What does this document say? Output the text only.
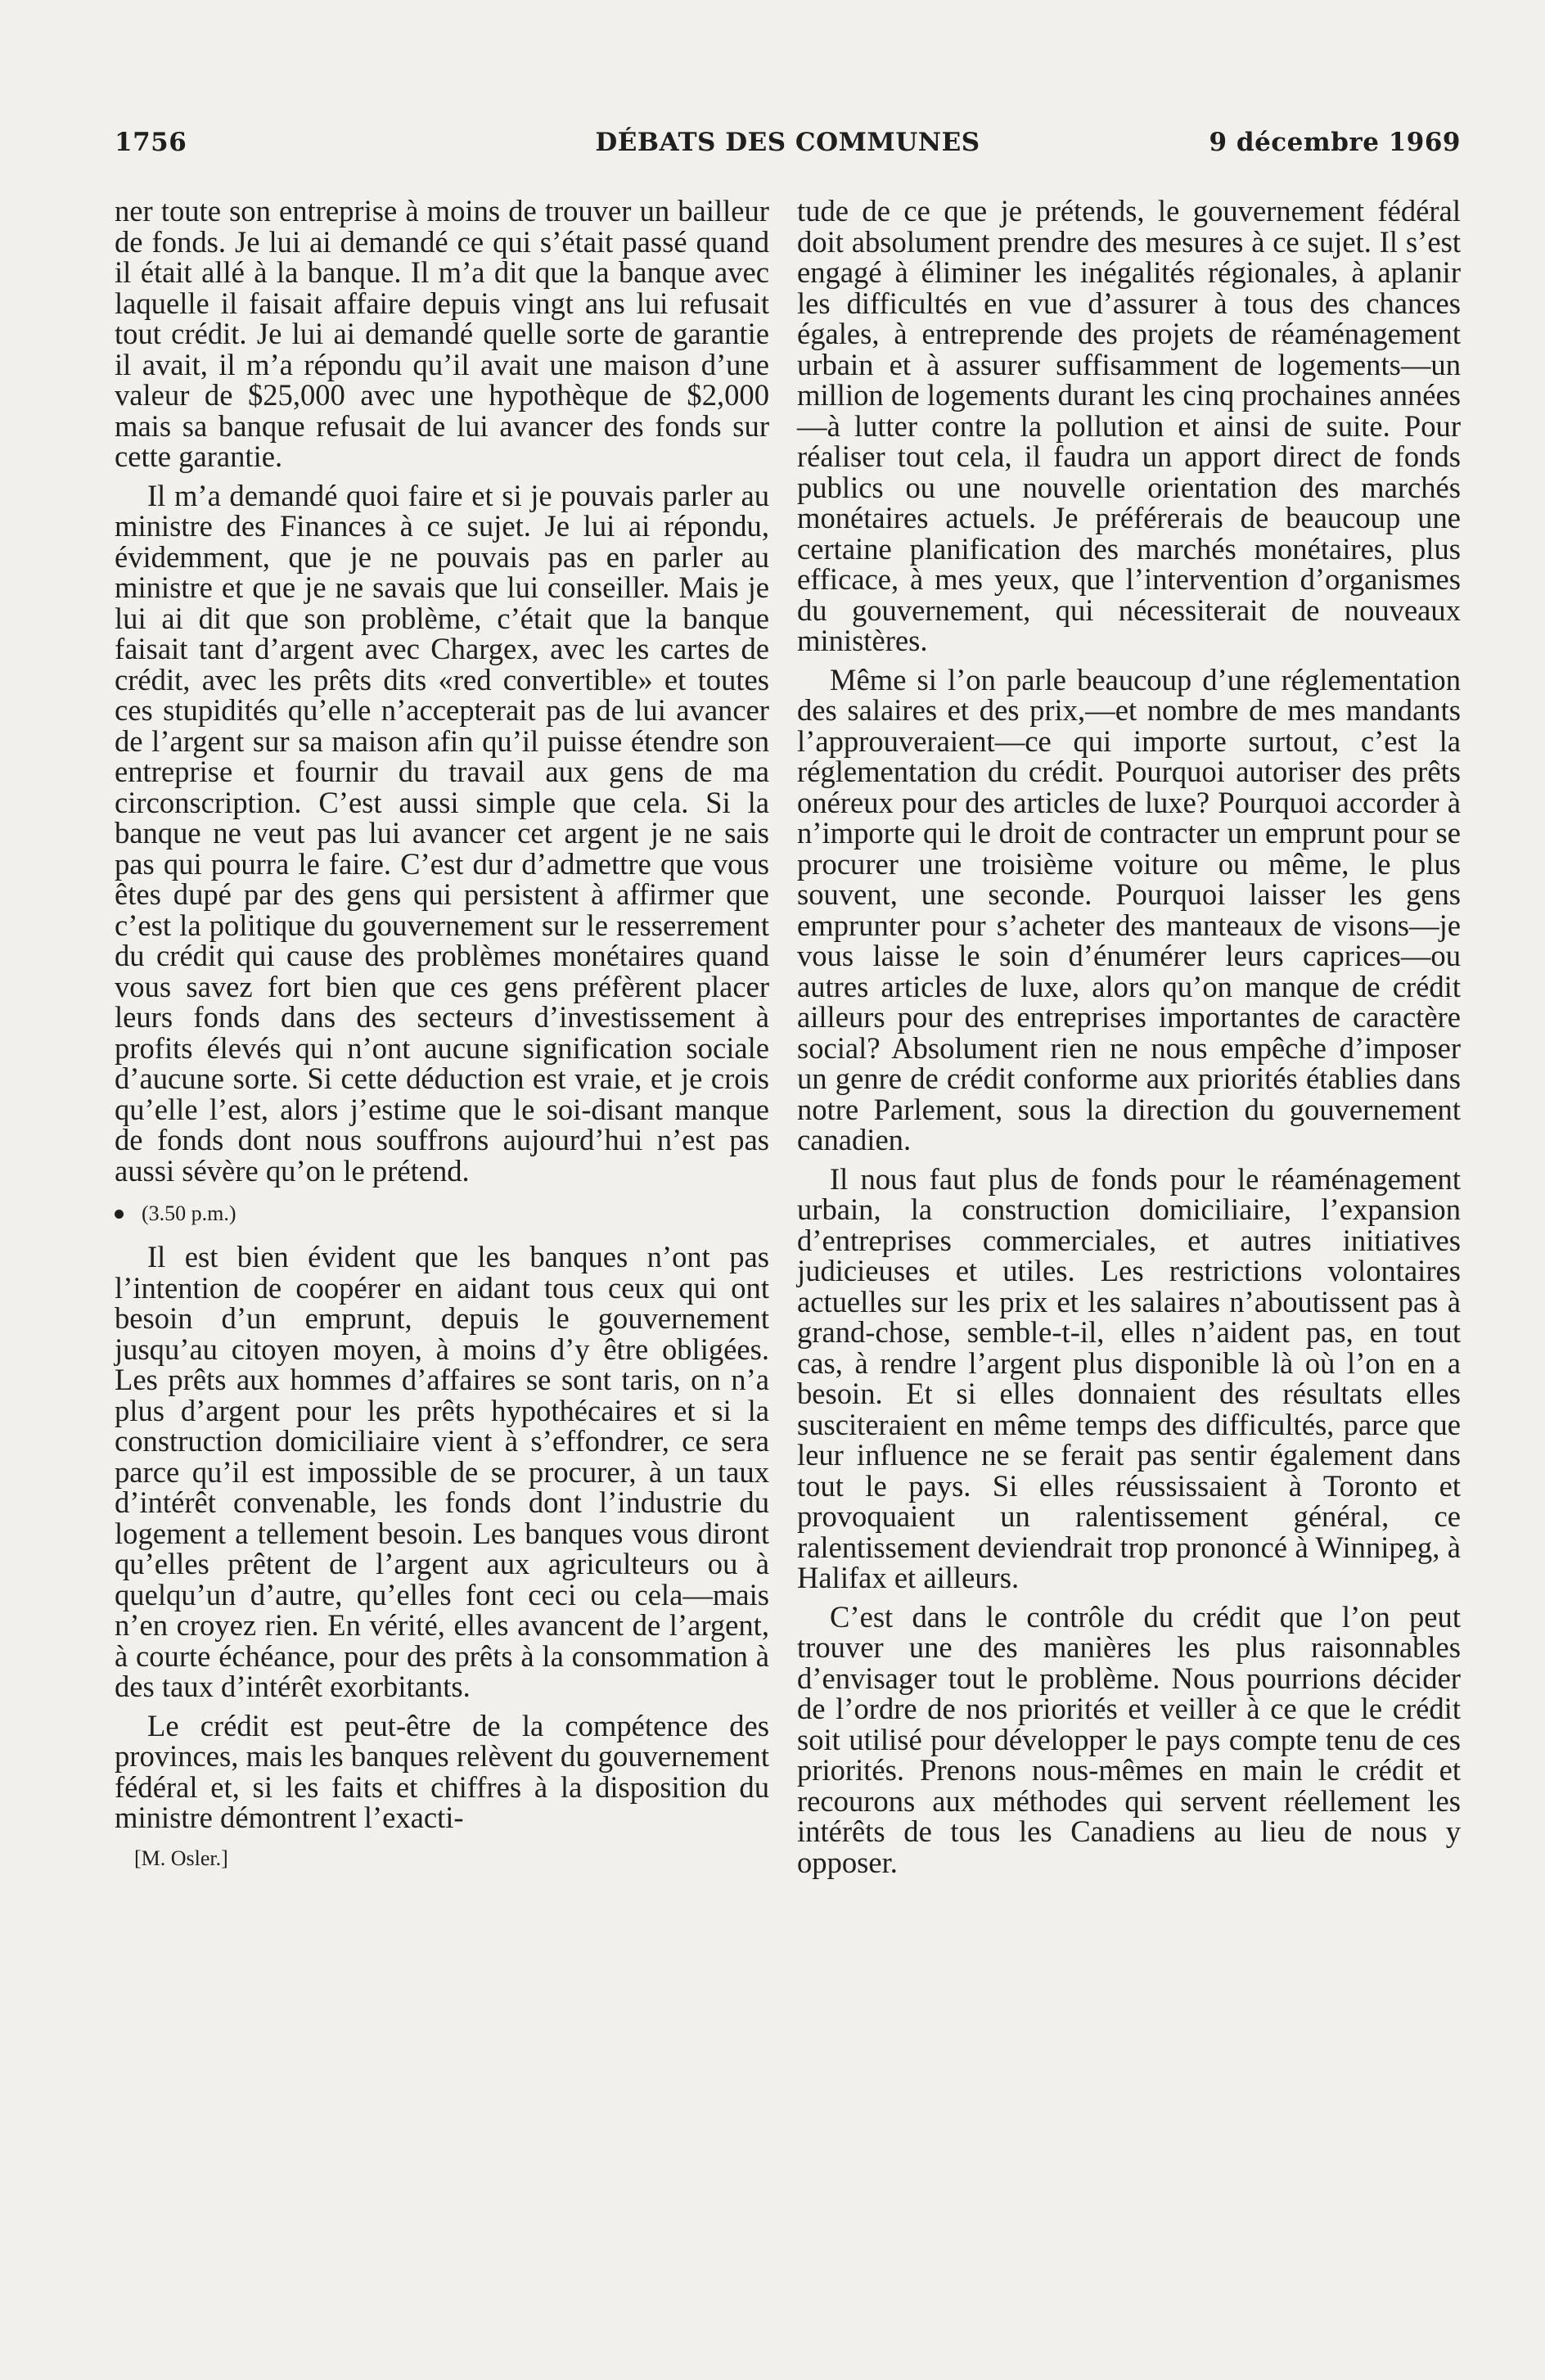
1756	DÉBATS DES COMMUNES	9 décembre 1969

ner toute son entreprise à moins de trouver un bailleur de fonds. Je lui ai demandé ce qui s’était passé quand il était allé à la banque. Il m’a dit que la banque avec laquelle il faisait affaire depuis vingt ans lui refusait tout crédit. Je lui ai demandé quelle sorte de garantie il avait, il m’a répondu qu’il avait une maison d’une valeur de $25,000 avec une hypothèque de $2,000 mais sa banque refusait de lui avancer des fonds sur cette garantie.

Il m’a demandé quoi faire et si je pouvais parler au ministre des Finances à ce sujet. Je lui ai répondu, évidemment, que je ne pouvais pas en parler au ministre et que je ne savais que lui conseiller. Mais je lui ai dit que son problème, c’était que la banque faisait tant d’argent avec Chargex, avec les cartes de crédit, avec les prêts dits «red convertible» et toutes ces stupidités qu’elle n’accepterait pas de lui avancer de l’argent sur sa maison afin qu’il puisse étendre son entreprise et fournir du travail aux gens de ma circonscription. C’est aussi simple que cela. Si la banque ne veut pas lui avancer cet argent je ne sais pas qui pourra le faire. C’est dur d’admettre que vous êtes dupé par des gens qui persistent à affirmer que c’est la politique du gouvernement sur le resserrement du crédit qui cause des problèmes monétaires quand vous savez fort bien que ces gens préfèrent placer leurs fonds dans des secteurs d’investissement à profits élevés qui n’ont aucune signification sociale d’aucune sorte. Si cette déduction est vraie, et je crois qu’elle l’est, alors j’estime que le soi-disant manque de fonds dont nous souffrons aujourd’hui n’est pas aussi sévère qu’on le prétend.

(3.50 p.m.)

Il est bien évident que les banques n’ont pas l’intention de coopérer en aidant tous ceux qui ont besoin d’un emprunt, depuis le gouvernement jusqu’au citoyen moyen, à moins d’y être obligées. Les prêts aux hommes d’affaires se sont taris, on n’a plus d’argent pour les prêts hypothécaires et si la construction domiciliaire vient à s’effondrer, ce sera parce qu’il est impossible de se procurer, à un taux d’intérêt convenable, les fonds dont l’industrie du logement a tellement besoin. Les banques vous diront qu’elles prêtent de l’argent aux agriculteurs ou à quelqu’un d’autre, qu’elles font ceci ou cela—mais n’en croyez rien. En vérité, elles avancent de l’argent, à courte échéance, pour des prêts à la consommation à des taux d’intérêt exorbitants.

Le crédit est peut-être de la compétence des provinces, mais les banques relèvent du gouvernement fédéral et, si les faits et chiffres à la disposition du ministre démontrent l’exacti-

[M. Osler.]

tude de ce que je prétends, le gouvernement fédéral doit absolument prendre des mesures à ce sujet. Il s’est engagé à éliminer les inégalités régionales, à aplanir les difficultés en vue d’assurer à tous des chances égales, à entreprende des projets de réaménagement urbain et à assurer suffisamment de logements—un million de logements durant les cinq prochaines années—à lutter contre la pollution et ainsi de suite. Pour réaliser tout cela, il faudra un apport direct de fonds publics ou une nouvelle orientation des marchés monétaires actuels. Je préférerais de beaucoup une certaine planification des marchés monétaires, plus efficace, à mes yeux, que l’intervention d’organismes du gouvernement, qui nécessiterait de nouveaux ministères.

Même si l’on parle beaucoup d’une réglementation des salaires et des prix,—et nombre de mes mandants l’approuveraient—ce qui importe surtout, c’est la réglementation du crédit. Pourquoi autoriser des prêts onéreux pour des articles de luxe? Pourquoi accorder à n’importe qui le droit de contracter un emprunt pour se procurer une troisième voiture ou même, le plus souvent, une seconde. Pourquoi laisser les gens emprunter pour s’acheter des manteaux de visons—je vous laisse le soin d’énumérer leurs caprices—ou autres articles de luxe, alors qu’on manque de crédit ailleurs pour des entreprises importantes de caractère social? Absolument rien ne nous empêche d’imposer un genre de crédit conforme aux priorités établies dans notre Parlement, sous la direction du gouvernement canadien.

Il nous faut plus de fonds pour le réaménagement urbain, la construction domiciliaire, l’expansion d’entreprises commerciales, et autres initiatives judicieuses et utiles. Les restrictions volontaires actuelles sur les prix et les salaires n’aboutissent pas à grand-chose, semble-t-il, elles n’aident pas, en tout cas, à rendre l’argent plus disponible là où l’on en a besoin. Et si elles donnaient des résultats elles susciteraient en même temps des difficultés, parce que leur influence ne se ferait pas sentir également dans tout le pays. Si elles réussissaient à Toronto et provoquaient un ralentissement général, ce ralentissement deviendrait trop prononcé à Winnipeg, à Halifax et ailleurs.

C’est dans le contrôle du crédit que l’on peut trouver une des manières les plus raisonnables d’envisager tout le problème. Nous pourrions décider de l’ordre de nos priorités et veiller à ce que le crédit soit utilisé pour développer le pays compte tenu de ces priorités. Prenons nous-mêmes en main le crédit et recourons aux méthodes qui servent réellement les intérêts de tous les Canadiens au lieu de nous y opposer.
